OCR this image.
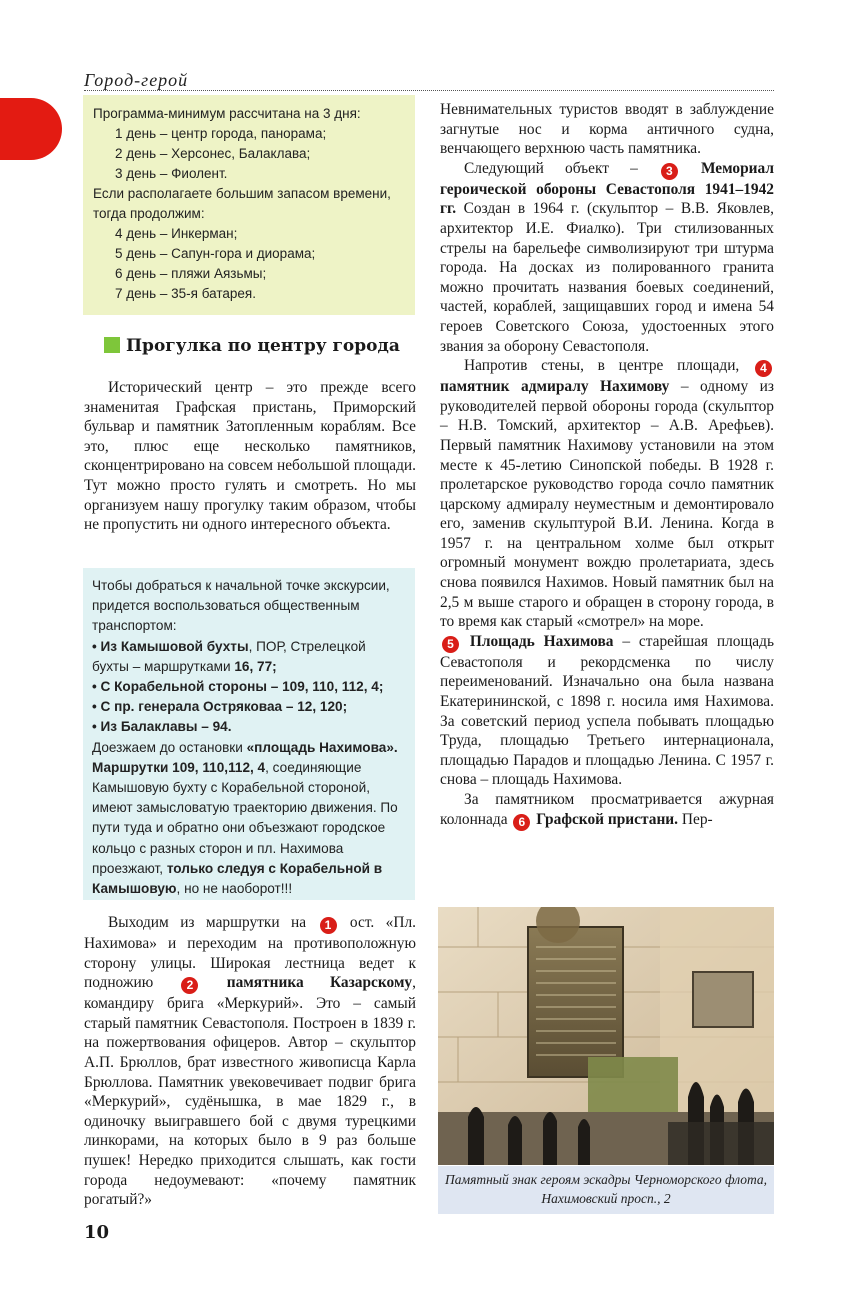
Город-герой
Программа-минимум рассчитана на 3 дня:
1 день – центр города, панорама;
2 день – Херсонес, Балаклава;
3 день – Фиолент.
Если располагаете большим запасом времени,
тогда продолжим:
4 день – Инкерман;
5 день – Сапун-гора и диорама;
6 день – пляжи Аязьмы;
7 день – 35-я батарея.
Прогулка по центру города

Исторический центр – это прежде всего знаменитая Графская пристань, Приморский бульвар и памятник Затопленным кораблям. Все это, плюс еще несколько памятников, сконцентрировано на совсем небольшой площади. Тут можно просто гулять и смотреть. Но мы организуем нашу прогулку таким образом, чтобы не пропустить ни одного интересного объекта.

Чтобы добраться к начальной точке экскурсии, придется воспользоваться общественным транспортом:

• Из Камышовой бухты, ПОР, Стрелецкой бухты – маршрутками 16, 77;

• С Корабельной стороны – 109, 110, 112, 4;

• С пр. генерала Остряковаа – 12, 120;

• Из Балаклавы – 94.

Доезжаем до остановки «площадь Нахимова».

Маршрутки 109, 110,112, 4, соединяющие Камышовую бухту с Корабельной стороной, имеют замысловатую траекторию движения. По пути туда и обратно они объезжают городское кольцо с разных сторон и пл. Нахимова проезжают, только следуя с Корабельной в Камышовую, но не наоборот!!!

Выходим из маршрутки на 1 ост. «Пл. Нахимова» и переходим на противоположную сторону улицы. Широкая лестница ведет к подножию 2 памятника Казарскому, командиру брига «Меркурий». Это – самый старый памятник Севастополя. Построен в 1839 г. на пожертвования офицеров. Автор – скульптор А.П. Брюллов, брат известного живописца Карла Брюллова. Памятник увековечивает подвиг брига «Меркурий», судёнышка, в мае 1829 г., в одиночку выигравшего бой с двумя турецкими линкорами, на которых было в 9 раз больше пушек! Нередко приходится слышать, как гости города недоумевают: «почему памятник рогатый?»

Невнимательных туристов вводят в заблуждение загнутые нос и корма античного судна, венчающего верхнюю часть памятника.

Следующий объект – 3 Мемориал героической обороны Севастополя 1941–1942 гг. Создан в 1964 г. (скульптор – В.В. Яковлев, архитектор И.Е. Фиалко). Три стилизованных стрелы на барельефе символизируют три штурма города. На досках из полированного гранита можно прочитать названия боевых соединений, частей, кораблей, защищавших город и имена 54 героев Советского Союза, удостоенных этого звания за оборону Севастополя.

Напротив стены, в центре площади, 4 памятник адмиралу Нахимову – одному из руководителей первой обороны города (скульптор – Н.В. Томский, архитектор – А.В. Арефьев). Первый памятник Нахимову установили на этом месте к 45-летию Синопской победы. В 1928 г. пролетарское руководство города сочло памятник царскому адмиралу неуместным и демонтировало его, заменив скульптурой В.И. Ленина. Когда в 1957 г. на центральном холме был открыт огромный монумент вождю пролетариата, здесь снова появился Нахимов. Новый памятник был на 2,5 м выше старого и обращен в сторону города, в то время как старый «смотрел» на море.

5 Площадь Нахимова – старейшая площадь Севастополя и рекордсменка по числу переименований. Изначально она была названа Екатерининской, с 1898 г. носила имя Нахимова. За советский период успела побывать площадью Труда, площадью Третьего интернационала, площадью Парадов и площадью Ленина. С 1957 г. снова – площадь Нахимова.

За памятником просматривается ажурная колоннада 6 Графской пристани. Пер-

Памятный знак героям эскадры Черноморского флота, Нахимовский просп., 2
10
